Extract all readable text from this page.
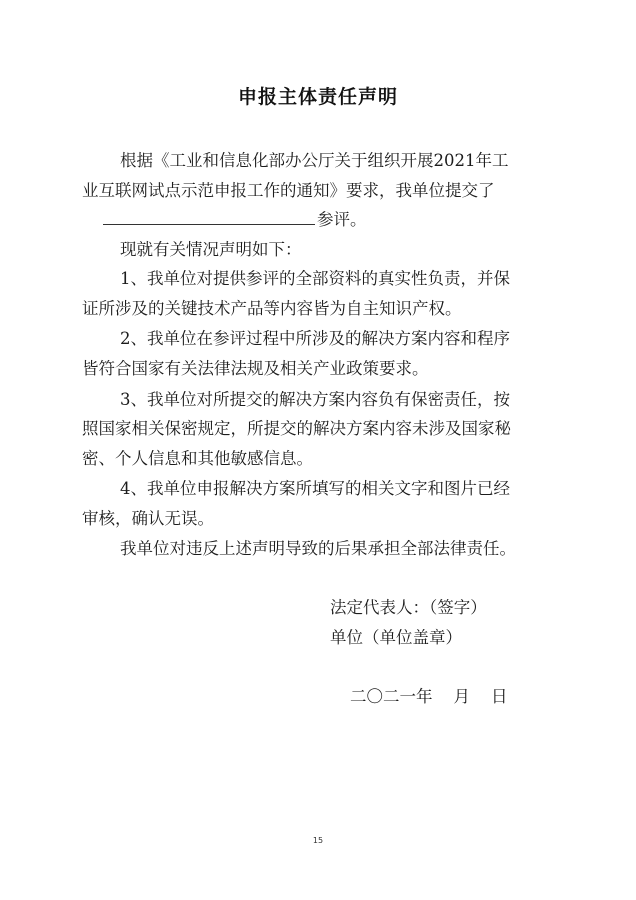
申报主体责任声明
根据《工业和信息化部办公厅关于组织开展2021年工
业互联网试点示范申报工作的通知》要求，我单位提交了
参评。
现就有关情况声明如下：
1、我单位对提供参评的全部资料的真实性负责，并保
证所涉及的关键技术产品等内容皆为自主知识产权。
2、我单位在参评过程中所涉及的解决方案内容和程序
皆符合国家有关法律法规及相关产业政策要求。
3、我单位对所提交的解决方案内容负有保密责任，按
照国家相关保密规定，所提交的解决方案内容未涉及国家秘
密、个人信息和其他敏感信息。
4、我单位申报解决方案所填写的相关文字和图片已经
审核，确认无误。
我单位对违反上述声明导致的后果承担全部法律责任。
法定代表人：（签字）
单位（单位盖章）
二〇二一年    月    日
15
